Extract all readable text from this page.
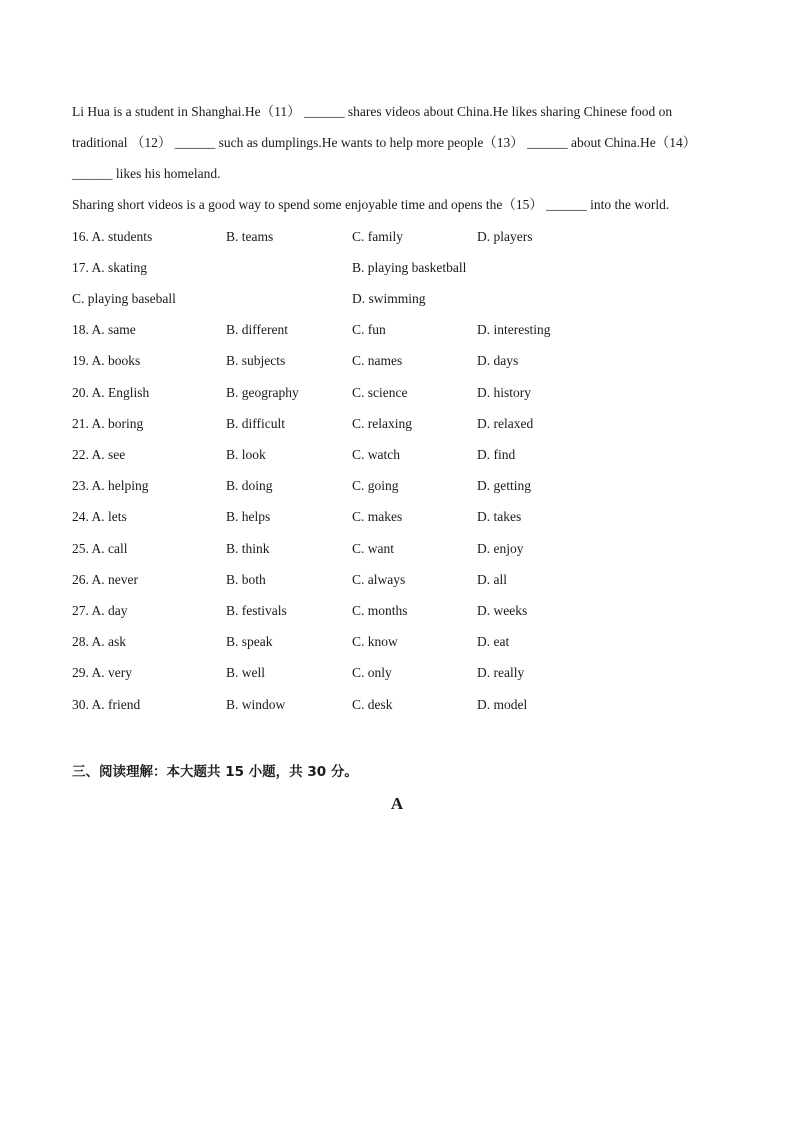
Li Hua is a student in Shanghai.He（11） ______ shares videos about China.He likes sharing Chinese food on
traditional （12） ______ such as dumplings.He wants to help more people（13） ______ about China.He（14）
______ likes his homeland.
Sharing short videos is a good way to spend some enjoyable time and opens the（15） ______ into the world.
16. A. students	B. teams	C. family	D. players
17. A. skating	B. playing basketball
C. playing baseball	D. swimming
18. A. same	B. different	C. fun	D. interesting
19. A. books	B. subjects	C. names	D. days
20. A. English	B. geography	C. science	D. history
21. A. boring	B. difficult	C. relaxing	D. relaxed
22. A. see	B. look	C. watch	D. find
23. A. helping	B. doing	C. going	D. getting
24. A. lets	B. helps	C. makes	D. takes
25. A. call	B. think	C. want	D. enjoy
26. A. never	B. both	C. always	D. all
27. A. day	B. festivals	C. months	D. weeks
28. A. ask	B. speak	C. know	D. eat
29. A. very	B. well	C. only	D. really
30. A. friend	B. window	C. desk	D. model
三、阅读理解：本大题共 15 小题，共 30 分。
A
